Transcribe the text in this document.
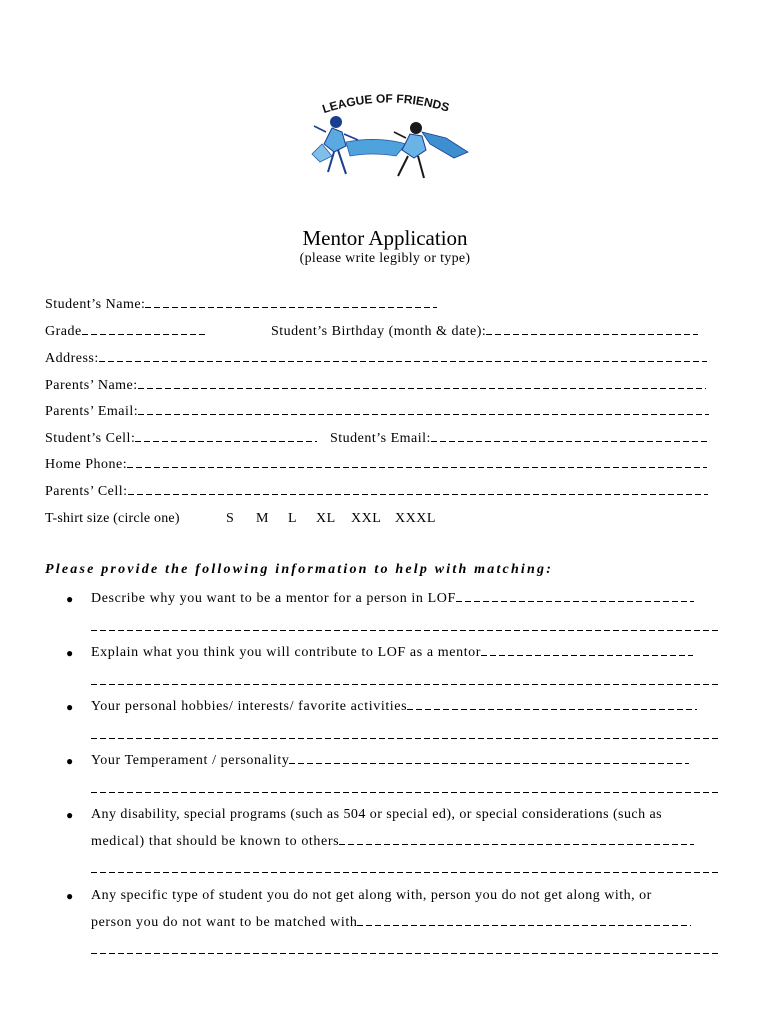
LEAGUE OF FRIENDS
Mentor Application
(please write legibly or type)
Student’s Name:
Grade	Student’s Birthday (month & date):
Address:
Parents’ Name:
Parents’ Email:
Student’s Cell:	Student’s Email:
Home Phone:
Parents’ Cell:
T-shirt size (circle one)	S M L XL XXL XXXL
Please provide the following information to help with matching:
● Describe why you want to be a mentor for a person in LOF
● Explain what you think you will contribute to LOF as a mentor
● Your personal hobbies/ interests/ favorite activities
● Your Temperament / personality
● Any disability, special programs (such as 504 or special ed), or special considerations (such as
medical) that should be known to others
● Any specific type of student you do not get along with, person you do not get along with, or
person you do not want to be matched with
